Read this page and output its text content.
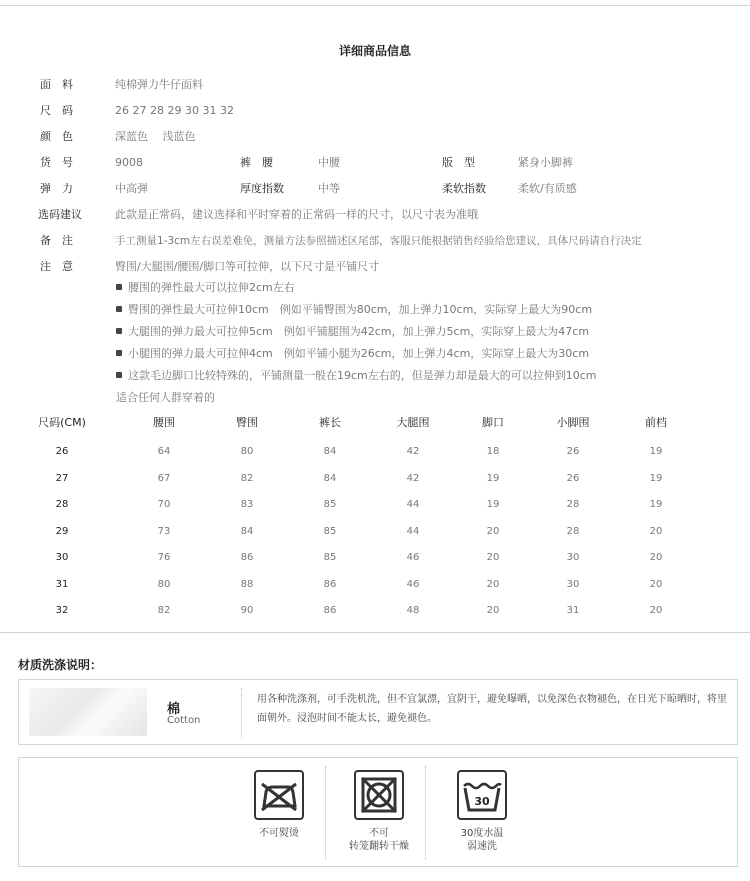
详细商品信息
面　料	纯棉弹力牛仔面料
尺　码	26 27 28 29 30 31 32
颜　色	深蓝色　 浅蓝色
货　号	9008	裤　腰	中腰	版　型	紧身小脚裤
弹　力	中高弹	厚度指数	中等	柔软指数	柔软/有质感
选码建议	此款是正常码，建议选择和平时穿着的正常码一样的尺寸，以尺寸表为准哦
备　注	手工测量1-3cm左右误差难免，测量方法参照描述区尾部，客服只能根据销售经验给您建议，具体尺码请自行决定
注　意	臀围/大腿围/腰围/脚口等可拉伸，以下尺寸是平铺尺寸
腰围的弹性最大可以拉伸2cm左右
臀围的弹性最大可拉伸10cm　例如平铺臀围为80cm，加上弹力10cm，实际穿上最大为90cm
大腿围的弹力最大可拉伸5cm　例如平铺腿围为42cm，加上弹力5cm，实际穿上最大为47cm
小腿围的弹力最大可拉伸4cm　例如平铺小腿为26cm，加上弹力4cm，实际穿上最大为30cm
这款毛边脚口比较特殊的，平铺测量一般在19cm左右的，但是弹力却是最大的可以拉伸到10cm
适合任何人群穿着的
尺码(CM)	腰围	臀围	裤长	大腿围	脚口	小脚围	前档
26	64	80	84	42	18	26	19
27	67	82	84	42	19	26	19
28	70	83	85	44	19	28	19
29	73	84	85	44	20	28	20
30	76	86	85	46	20	30	20
31	80	88	86	46	20	30	20
32	82	90	86	48	20	31	20
材质洗涤说明：
棉
Cotton
用各种洗涤剂，可手洗机洗，但不宜氯漂，宜阴干，避免曝晒，以免深色衣物褪色，在日光下晾晒时，将里面朝外。浸泡时间不能太长，避免褪色。
不可熨烫	不可
转笼翻转干燥
30
30度水温
弱速洗
